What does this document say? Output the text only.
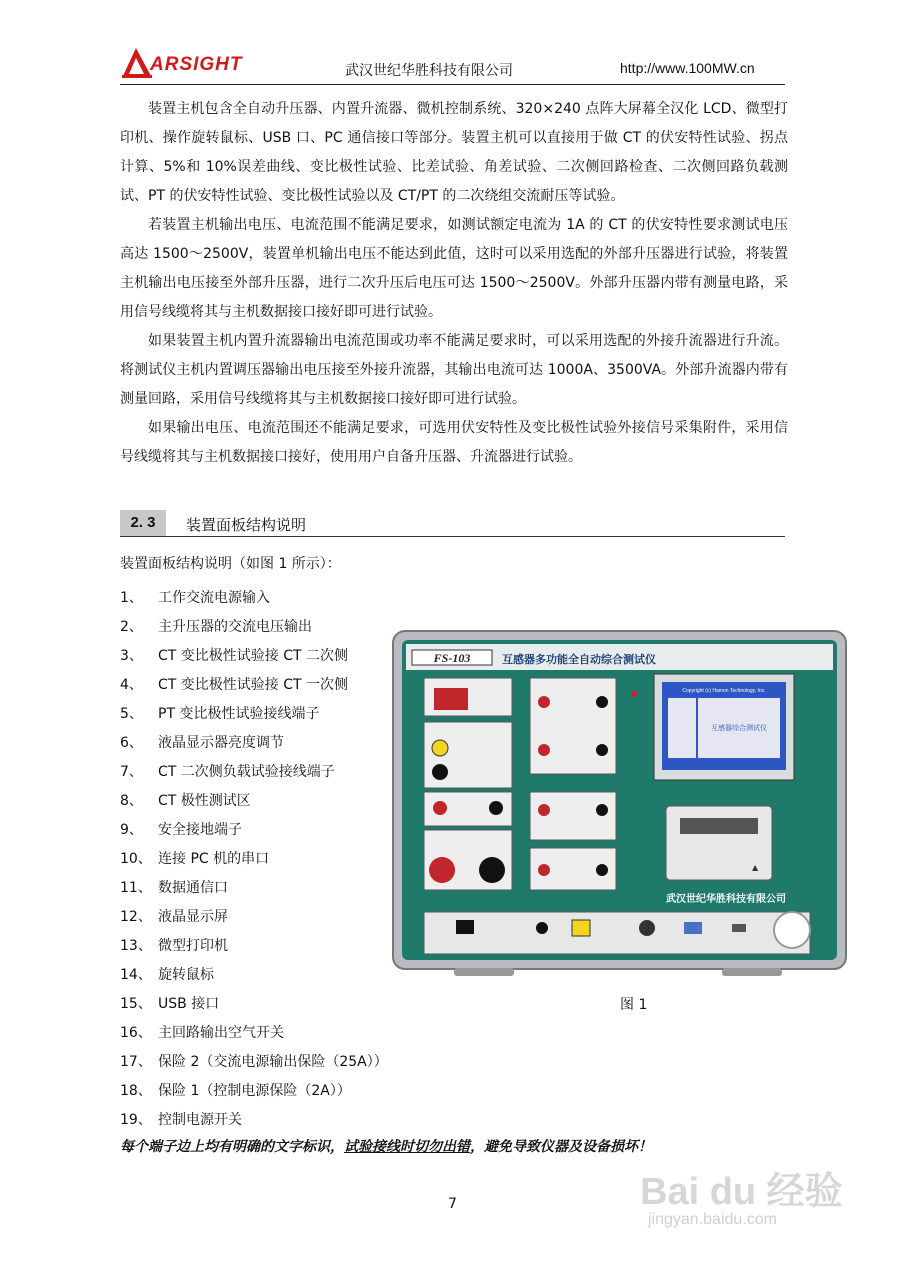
ARSIGHT	武汉世纪华胜科技有限公司	http://www.100MW.cn

装置主机包含全自动升压器、内置升流器、微机控制系统、320×240 点阵大屏幕全汉化 LCD、微型打印机、操作旋转鼠标、USB 口、PC 通信接口等部分。装置主机可以直接用于做 CT 的伏安特性试验、拐点计算、5%和 10%误差曲线、变比极性试验、比差试验、角差试验、二次侧回路检查、二次侧回路负载测试、PT 的伏安特性试验、变比极性试验以及 CT/PT 的二次绕组交流耐压等试验。

若装置主机输出电压、电流范围不能满足要求，如测试额定电流为 1A 的 CT 的伏安特性要求测试电压高达 1500～2500V，装置单机输出电压不能达到此值，这时可以采用选配的外部升压器进行试验，将装置主机输出电压接至外部升压器，进行二次升压后电压可达 1500～2500V。外部升压器内带有测量电路，采用信号线缆将其与主机数据接口接好即可进行试验。

如果装置主机内置升流器输出电流范围或功率不能满足要求时，可以采用选配的外接升流器进行升流。将测试仪主机内置调压器输出电压接至外接升流器，其输出电流可达 1000A、3500VA。外部升流器内带有测量回路，采用信号线缆将其与主机数据接口接好即可进行试验。

如果输出电压、电流范围还不能满足要求，可选用伏安特性及变比极性试验外接信号采集附件，采用信号线缆将其与主机数据接口接好，使用用户自备升压器、升流器进行试验。

2. 3	装置面板结构说明
装置面板结构说明（如图 1 所示）：
1、 工作交流电源输入
2、 主升压器的交流电压输出
3、 CT 变比极性试验接 CT 二次侧
4、 CT 变比极性试验接 CT 一次侧
5、 PT 变比极性试验接线端子
6、 液晶显示器亮度调节
7、 CT 二次侧负载试验接线端子
8、 CT 极性测试区
9、 安全接地端子
10、 连接 PC 机的串口
11、 数据通信口
12、 液晶显示屏
13、 微型打印机
14、 旋转鼠标
15、 USB 接口
16、 主回路输出空气开关
17、 保险 2（交流电源输出保险（25A））
18、 保险 1（控制电源保险（2A））
19、 控制电源开关
FS-103	互感器多功能全自动综合测试仪
Copyright (c) Hamon Technology, Inc.
互感器综合测试仪
▲
武汉世纪华胜科技有限公司
图 1
每个端子边上均有明确的文字标识，试验接线时切勿出错，避免导致仪器及设备损坏！
7	Bai du 经验
jingyan.baidu.com
